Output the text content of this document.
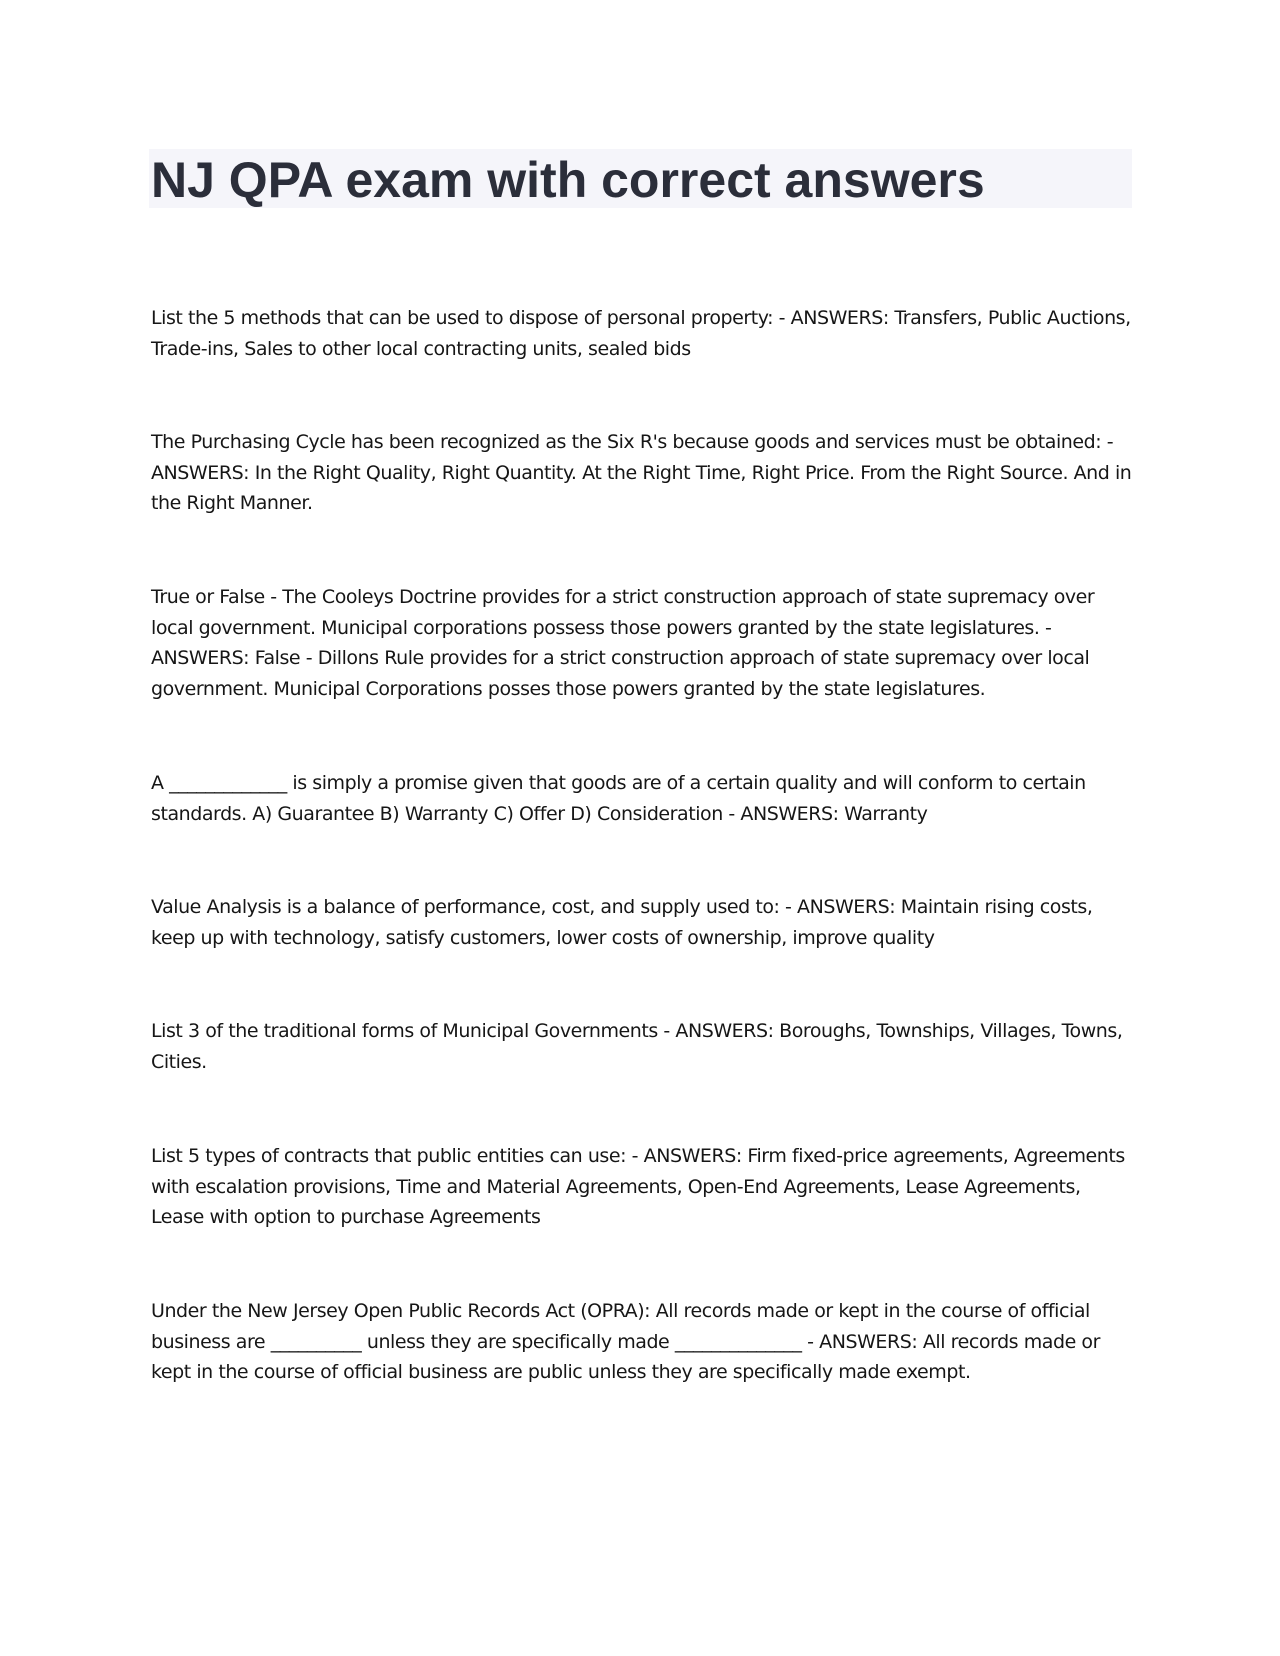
NJ QPA exam with correct answers

List the 5 methods that can be used to dispose of personal property: - ANSWERS: Transfers, Public Auctions, Trade-ins, Sales to other local contracting units, sealed bids

The Purchasing Cycle has been recognized as the Six R's because goods and services must be obtained: - ANSWERS: In the Right Quality, Right Quantity. At the Right Time, Right Price. From the Right Source. And in the Right Manner.

True or False - The Cooleys Doctrine provides for a strict construction approach of state supremacy over local government. Municipal corporations possess those powers granted by the state legislatures. - ANSWERS: False - Dillons Rule provides for a strict construction approach of state supremacy over local government. Municipal Corporations posses those powers granted by the state legislatures.

A _____________ is simply a promise given that goods are of a certain quality and will conform to certain standards. A) Guarantee B) Warranty C) Offer D) Consideration - ANSWERS: Warranty

Value Analysis is a balance of performance, cost, and supply used to: - ANSWERS: Maintain rising costs, keep up with technology, satisfy customers, lower costs of ownership, improve quality

List 3 of the traditional forms of Municipal Governments - ANSWERS: Boroughs, Townships, Villages, Towns, Cities.

List 5 types of contracts that public entities can use: - ANSWERS: Firm fixed-price agreements, Agreements with escalation provisions, Time and Material Agreements, Open-End Agreements, Lease Agreements, Lease with option to purchase Agreements

Under the New Jersey Open Public Records Act (OPRA): All records made or kept in the course of official business are __________ unless they are specifically made ______________ - ANSWERS: All records made or kept in the course of official business are public unless they are specifically made exempt.
